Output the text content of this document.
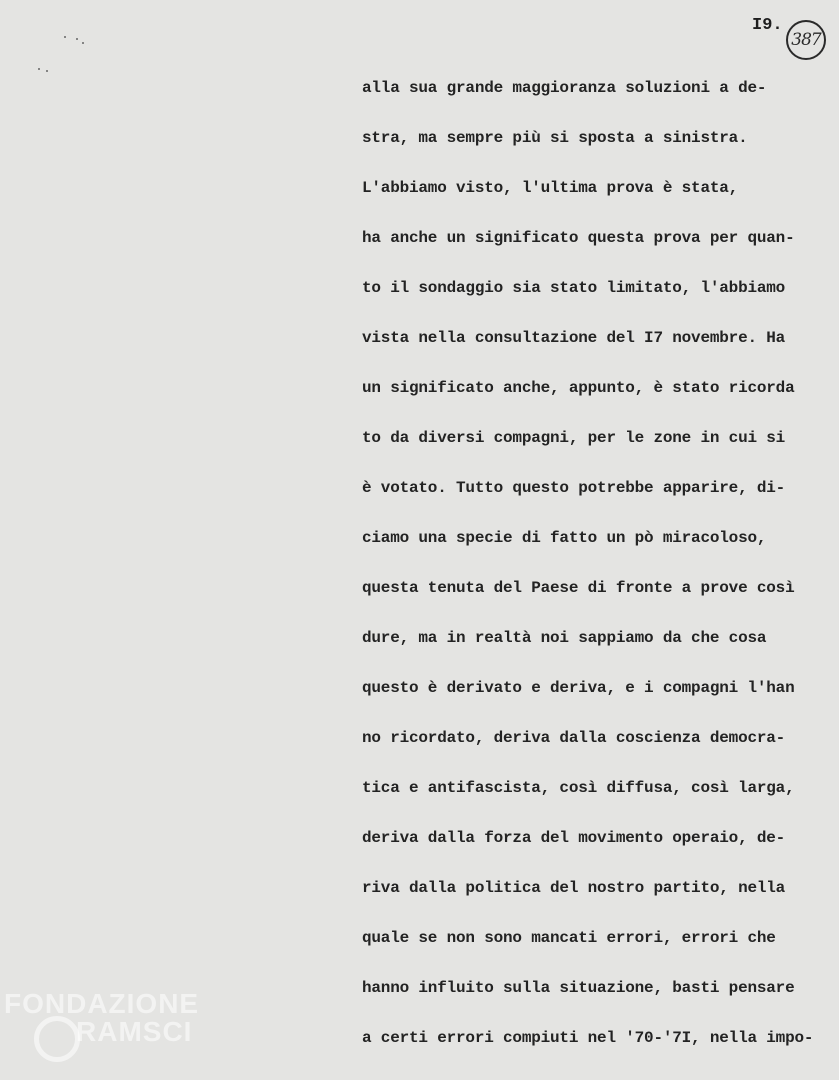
I9.
387
alla sua grande maggioranza soluzioni a de-
stra, ma sempre più si sposta a sinistra.
L'abbiamo visto, l'ultima prova è stata,
ha anche un significato questa prova per quan-
to il sondaggio sia stato limitato, l'abbiamo
vista nella consultazione del I7 novembre. Ha
un significato anche, appunto, è stato ricorda
to da diversi compagni, per le zone in cui si
è votato. Tutto questo potrebbe apparire, di-
ciamo una specie di fatto un pò miracoloso,
questa tenuta del Paese di fronte a prove così
dure, ma in realtà noi sappiamo da che cosa
questo è derivato e deriva, e i compagni l'han
no ricordato, deriva dalla coscienza democra-
tica e antifascista, così diffusa, così larga,
deriva dalla forza del movimento operaio, de-
riva dalla politica del nostro partito, nella
quale se non sono mancati errori, errori che
hanno influito sulla situazione, basti pensare
a certi errori compiuti nel '70-'7I, nella impo-
FONDAZIONE
RAMSCI
